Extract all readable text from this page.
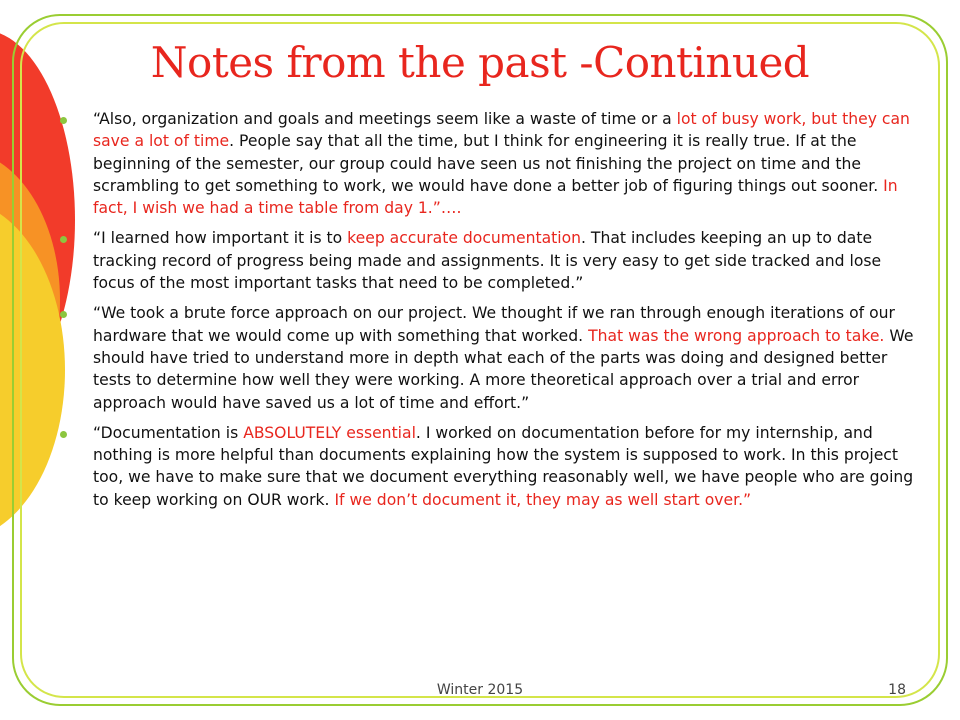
Notes from the past -Continued
“Also, organization and goals and meetings seem like a waste of time or a lot of busy work, but they can save a lot of time. People say that all the time, but I think for engineering it is really true. If at the beginning of the semester, our group could have seen us not finishing the project on time and the scrambling to get something to work, we would have done a better job of figuring things out sooner. In fact, I wish we had a time table from day 1.”….
“I learned how important it is to keep accurate documentation. That includes keeping an up to date tracking record of progress being made and assignments. It is very easy to get side tracked and lose focus of the most important tasks that need to be completed.”
“We took a brute force approach on our project. We thought if we ran through enough iterations of our hardware that we would come up with something that worked. That was the wrong approach to take. We should have tried to understand more in depth what each of the parts was doing and designed better tests to determine how well they were working. A more theoretical approach over a trial and error approach would have saved us a lot of time and effort.”
“Documentation is ABSOLUTELY essential. I worked on documentation before for my internship, and nothing is more helpful than documents explaining how the system is supposed to work. In this project too, we have to make sure that we document everything reasonably well, we have people who are going to keep working on OUR work. If we don’t document it, they may as well start over.”
Winter 2015	18
